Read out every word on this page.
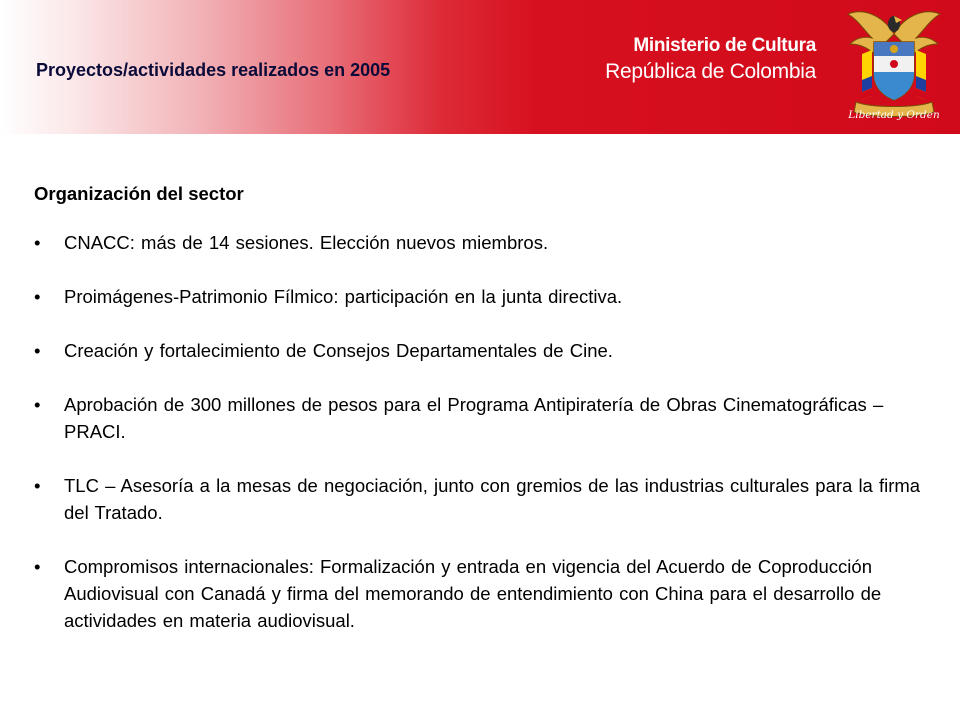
Proyectos/actividades realizados en 2005
Ministerio de Cultura
República de Colombia
Libertad y Orden
Organización del sector
• CNACC: más de 14 sesiones. Elección nuevos miembros.
• Proimágenes-Patrimonio Fílmico: participación en la junta directiva.
• Creación y fortalecimiento de Consejos Departamentales de Cine.
• Aprobación de 300 millones de pesos para el Programa Antipiratería de Obras Cinematográficas – PRACI.
• TLC – Asesoría a la mesas de negociación, junto con gremios de las industrias culturales para la firma del Tratado.
• Compromisos internacionales: Formalización y entrada en vigencia del Acuerdo de Coproducción Audiovisual con Canadá y firma del memorando de entendimiento con China para el desarrollo de actividades en materia audiovisual.
